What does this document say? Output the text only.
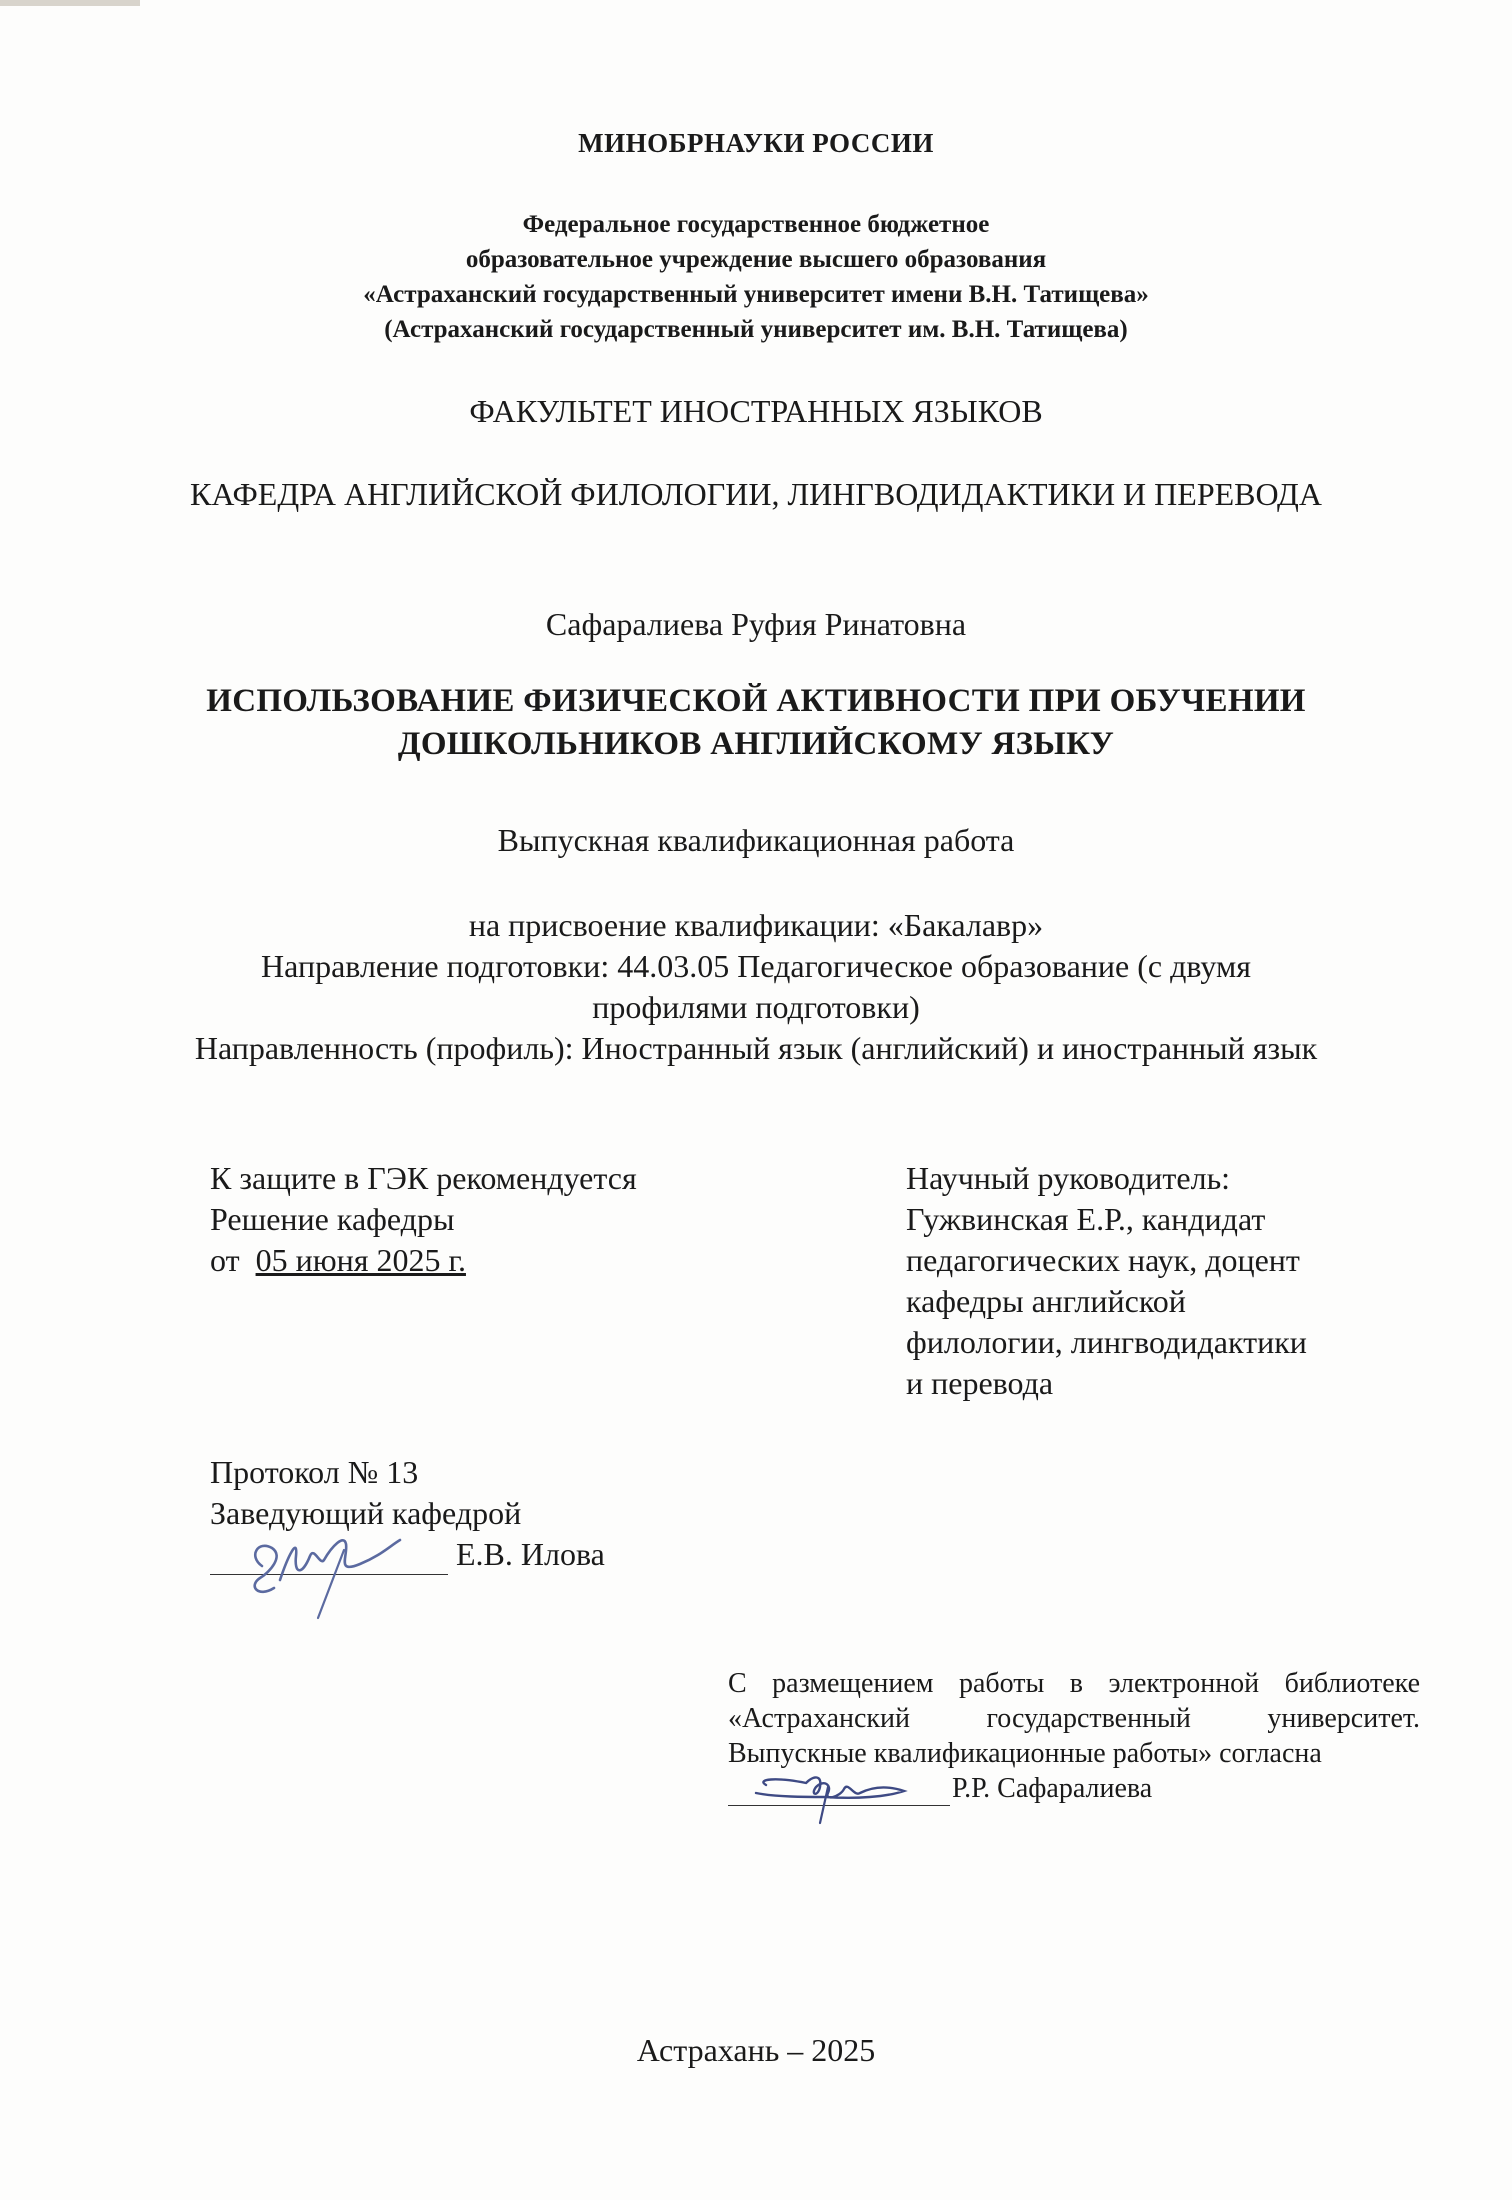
МИНОБРНАУКИ РОССИИ
Федеральное государственное бюджетное
образовательное учреждение высшего образования
«Астраханский государственный университет имени В.Н. Татищева»
(Астраханский государственный университет им. В.Н. Татищева)
ФАКУЛЬТЕТ ИНОСТРАННЫХ ЯЗЫКОВ
КАФЕДРА АНГЛИЙСКОЙ ФИЛОЛОГИИ, ЛИНГВОДИДАКТИКИ И ПЕРЕВОДА
Сафаралиева Руфия Ринатовна
ИСПОЛЬЗОВАНИЕ ФИЗИЧЕСКОЙ АКТИВНОСТИ ПРИ ОБУЧЕНИИ ДОШКОЛЬНИКОВ АНГЛИЙСКОМУ ЯЗЫКУ
Выпускная квалификационная работа
на присвоение квалификации: «Бакалавр»
Направление подготовки: 44.03.05 Педагогическое образование (с двумя профилями подготовки)
Направленность (профиль): Иностранный язык (английский) и иностранный язык
К защите в ГЭК рекомендуется
Решение кафедры
от 05 июня 2025 г.
Научный руководитель:
Гужвинская Е.Р., кандидат
педагогических наук, доцент
кафедры английской
филологии, лингводидактики
и перевода
Протокол № 13
Заведующий кафедрой
Е.В. Илова
С размещением работы в электронной библиотеке
«Астраханский государственный университет.
Выпускные квалификационные работы» согласна
Р.Р. Сафаралиева
Астрахань – 2025
